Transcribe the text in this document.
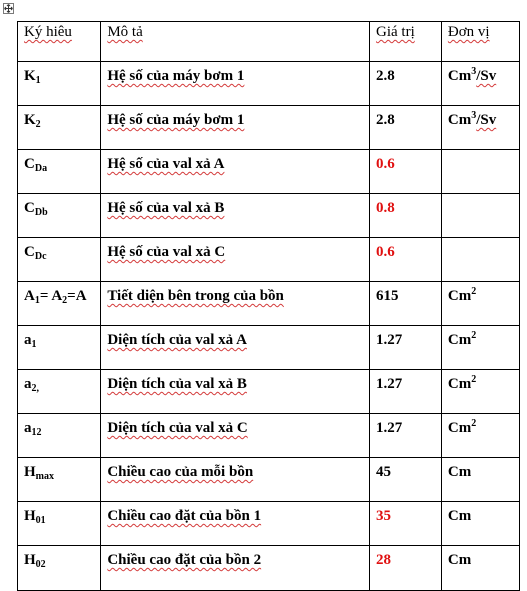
Ký hiêu	Mô tả	Giá trị	Đơn vị
$K_1$	Hệ số của máy bơm 1	2.8	Cm$^3$/Sv
$K_2$	Hệ số của máy bơm 1	2.8	Cm$^3$/Sv
$C_{Da}$	Hệ số của val xả A	0.6	
$C_{Db}$	Hệ số của val xả B	0.8	
$C_{Dc}$	Hệ số của val xả C	0.6	
$A_1= A_2=A$	Tiết diện bên trong của bồn	615	Cm$^2$
$a_1$	Diện tích của val xả A	1.27	Cm$^2$
$a_{2,}$	Diện tích của val xả B	1.27	Cm$^2$
$a_{12}$	Diện tích của val xả C	1.27	Cm$^2$
$H_{max}$	Chiều cao của mỗi bồn	45	Cm
$H_{01}$	Chiều cao đặt của bồn 1	35	Cm
$H_{02}$	Chiều cao đặt của bồn 2	28	Cm
